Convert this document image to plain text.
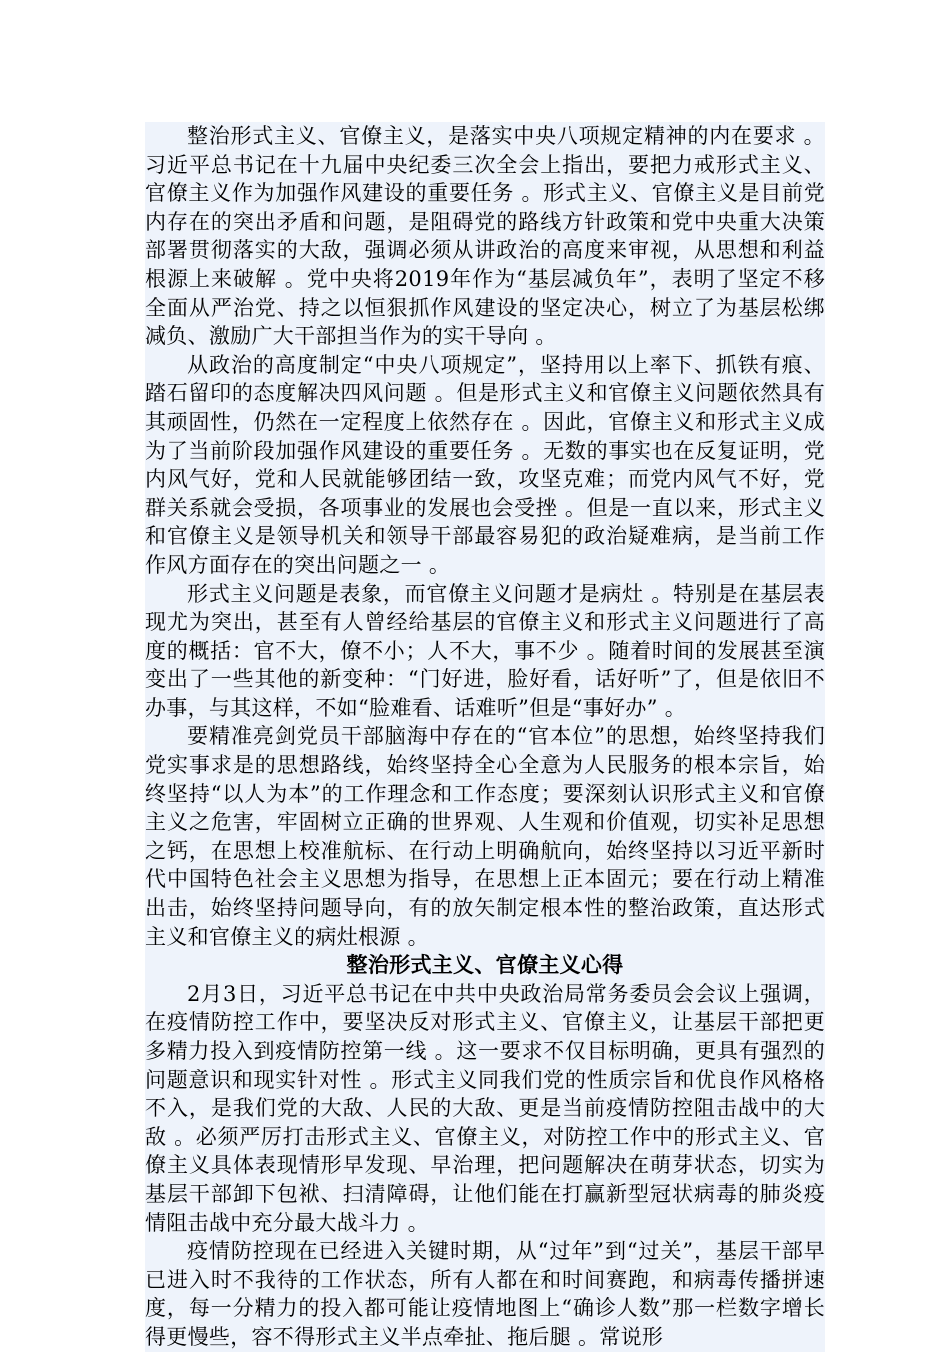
整治形式主义、官僚主义，是落实中央八项规定精神的内在要求 。习近平总书记在十九届中央纪委三次全会上指出，要把力戒形式主义、官僚主义作为加强作风建设的重要任务 。形式主义、官僚主义是目前党内存在的突出矛盾和问题，是阻碍党的路线方针政策和党中央重大决策部署贯彻落实的大敌，强调必须从讲政治的高度来审视，从思想和利益根源上来破解 。党中央将2019年作为“基层减负年”，表明了坚定不移全面从严治党、持之以恒狠抓作风建设的坚定决心，树立了为基层松绑减负、激励广大干部担当作为的实干导向 。

从政治的高度制定“中央八项规定”，坚持用以上率下、抓铁有痕、踏石留印的态度解决四风问题 。但是形式主义和官僚主义问题依然具有其顽固性，仍然在一定程度上依然存在 。因此，官僚主义和形式主义成为了当前阶段加强作风建设的重要任务 。无数的事实也在反复证明，党内风气好，党和人民就能够团结一致，攻坚克难；而党内风气不好，党群关系就会受损，各项事业的发展也会受挫 。但是一直以来，形式主义和官僚主义是领导机关和领导干部最容易犯的政治疑难病，是当前工作作风方面存在的突出问题之一 。

形式主义问题是表象，而官僚主义问题才是病灶 。特别是在基层表现尤为突出，甚至有人曾经给基层的官僚主义和形式主义问题进行了高度的概括：官不大，僚不小；人不大，事不少 。随着时间的发展甚至演变出了一些其他的新变种：“门好进，脸好看，话好听”了，但是依旧不办事，与其这样，不如“脸难看、话难听”但是“事好办” 。

要精准亮剑党员干部脑海中存在的“官本位”的思想，始终坚持我们党实事求是的思想路线，始终坚持全心全意为人民服务的根本宗旨，始终坚持“以人为本”的工作理念和工作态度；要深刻认识形式主义和官僚主义之危害，牢固树立正确的世界观、人生观和价值观，切实补足思想之钙，在思想上校准航标、在行动上明确航向，始终坚持以习近平新时代中国特色社会主义思想为指导，在思想上正本固元；要在行动上精准出击，始终坚持问题导向，有的放矢制定根本性的整治政策，直达形式主义和官僚主义的病灶根源 。

整治形式主义、官僚主义心得

2月3日，习近平总书记在中共中央政治局常务委员会会议上强调，在疫情防控工作中，要坚决反对形式主义、官僚主义，让基层干部把更多精力投入到疫情防控第一线 。这一要求不仅目标明确，更具有强烈的问题意识和现实针对性 。形式主义同我们党的性质宗旨和优良作风格格不入，是我们党的大敌、人民的大敌、更是当前疫情防控阻击战中的大敌 。必须严厉打击形式主义、官僚主义，对防控工作中的形式主义、官僚主义具体表现情形早发现、早治理，把问题解决在萌芽状态，切实为基层干部卸下包袱、扫清障碍，让他们能在打赢新型冠状病毒的肺炎疫情阻击战中充分最大战斗力 。

疫情防控现在已经进入关键时期，从“过年”到“过关”，基层干部早已进入时不我待的工作状态，所有人都在和时间赛跑，和病毒传播拼速度，每一分精力的投入都可能让疫情地图上“确诊人数”那一栏数字增长得更慢些，容不得形式主义半点牵扯、拖后腿 。常说形
